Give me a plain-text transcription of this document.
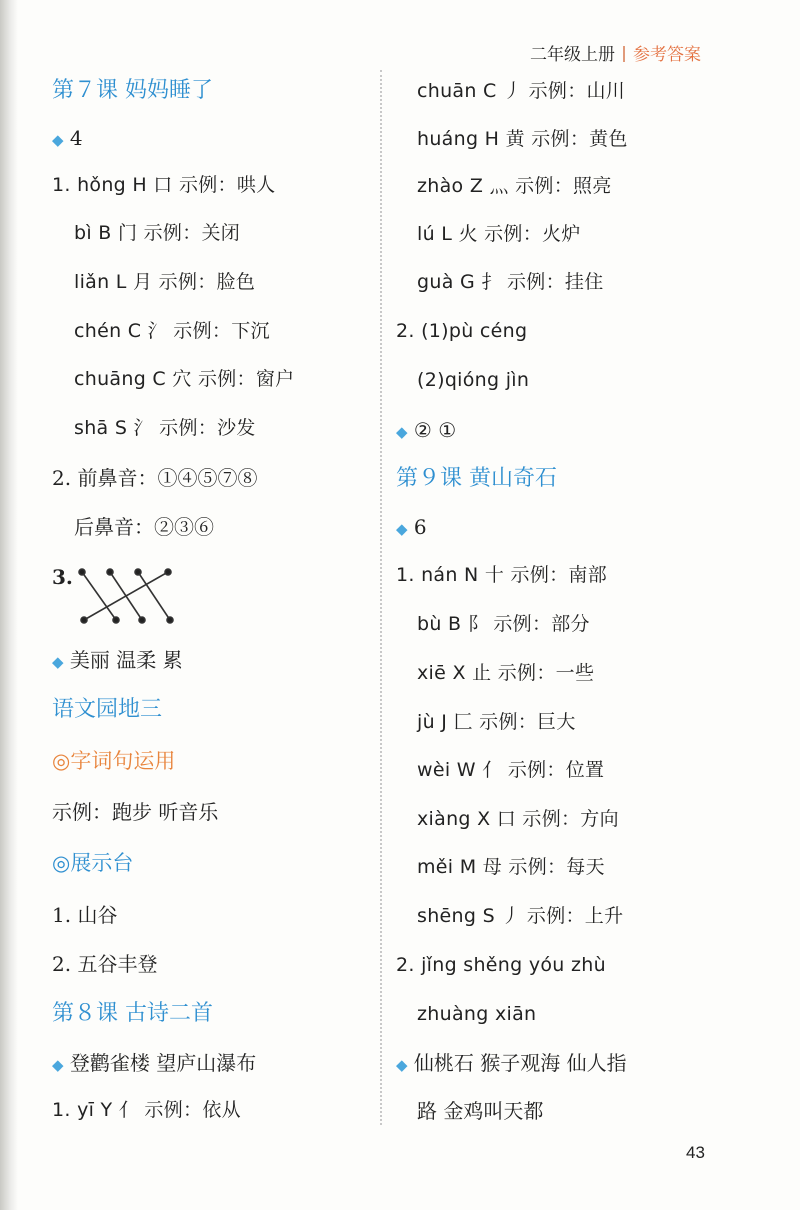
二年级上册 参考答案
第７课 妈妈睡了
◆ 4
1. hǒng H 口 示例：哄人
bì B 门 示例：关闭
liǎn L 月 示例：脸色
chén C 氵 示例：下沉
chuāng C 穴 示例：窗户
shā S 氵 示例：沙发
2. 前鼻音：①④⑤⑦⑧
后鼻音：②③⑥
3.
◆ 美丽 温柔 累
语文园地三
◎字词句运用
示例：跑步 听音乐
◎展示台
1. 山谷
2. 五谷丰登
第８课 古诗二首
◆ 登鹳雀楼 望庐山瀑布
1. yī Y 亻 示例：依从
chuān C 丿 示例：山川
huáng H 黄 示例：黄色
zhào Z 灬 示例：照亮
lú L 火 示例：火炉
guà G 扌 示例：挂住
2. (1)pù céng
(2)qióng jìn
◆ ② ①
第９课 黄山奇石
◆ 6
1. nán N 十 示例：南部
bù B 阝 示例：部分
xiē X 止 示例：一些
jù J 匚 示例：巨大
wèi W 亻 示例：位置
xiàng X 口 示例：方向
měi M 母 示例：每天
shēng S 丿 示例：上升
2. jǐng shěng yóu zhù
zhuàng xiān
◆ 仙桃石 猴子观海 仙人指
路 金鸡叫天都
43
